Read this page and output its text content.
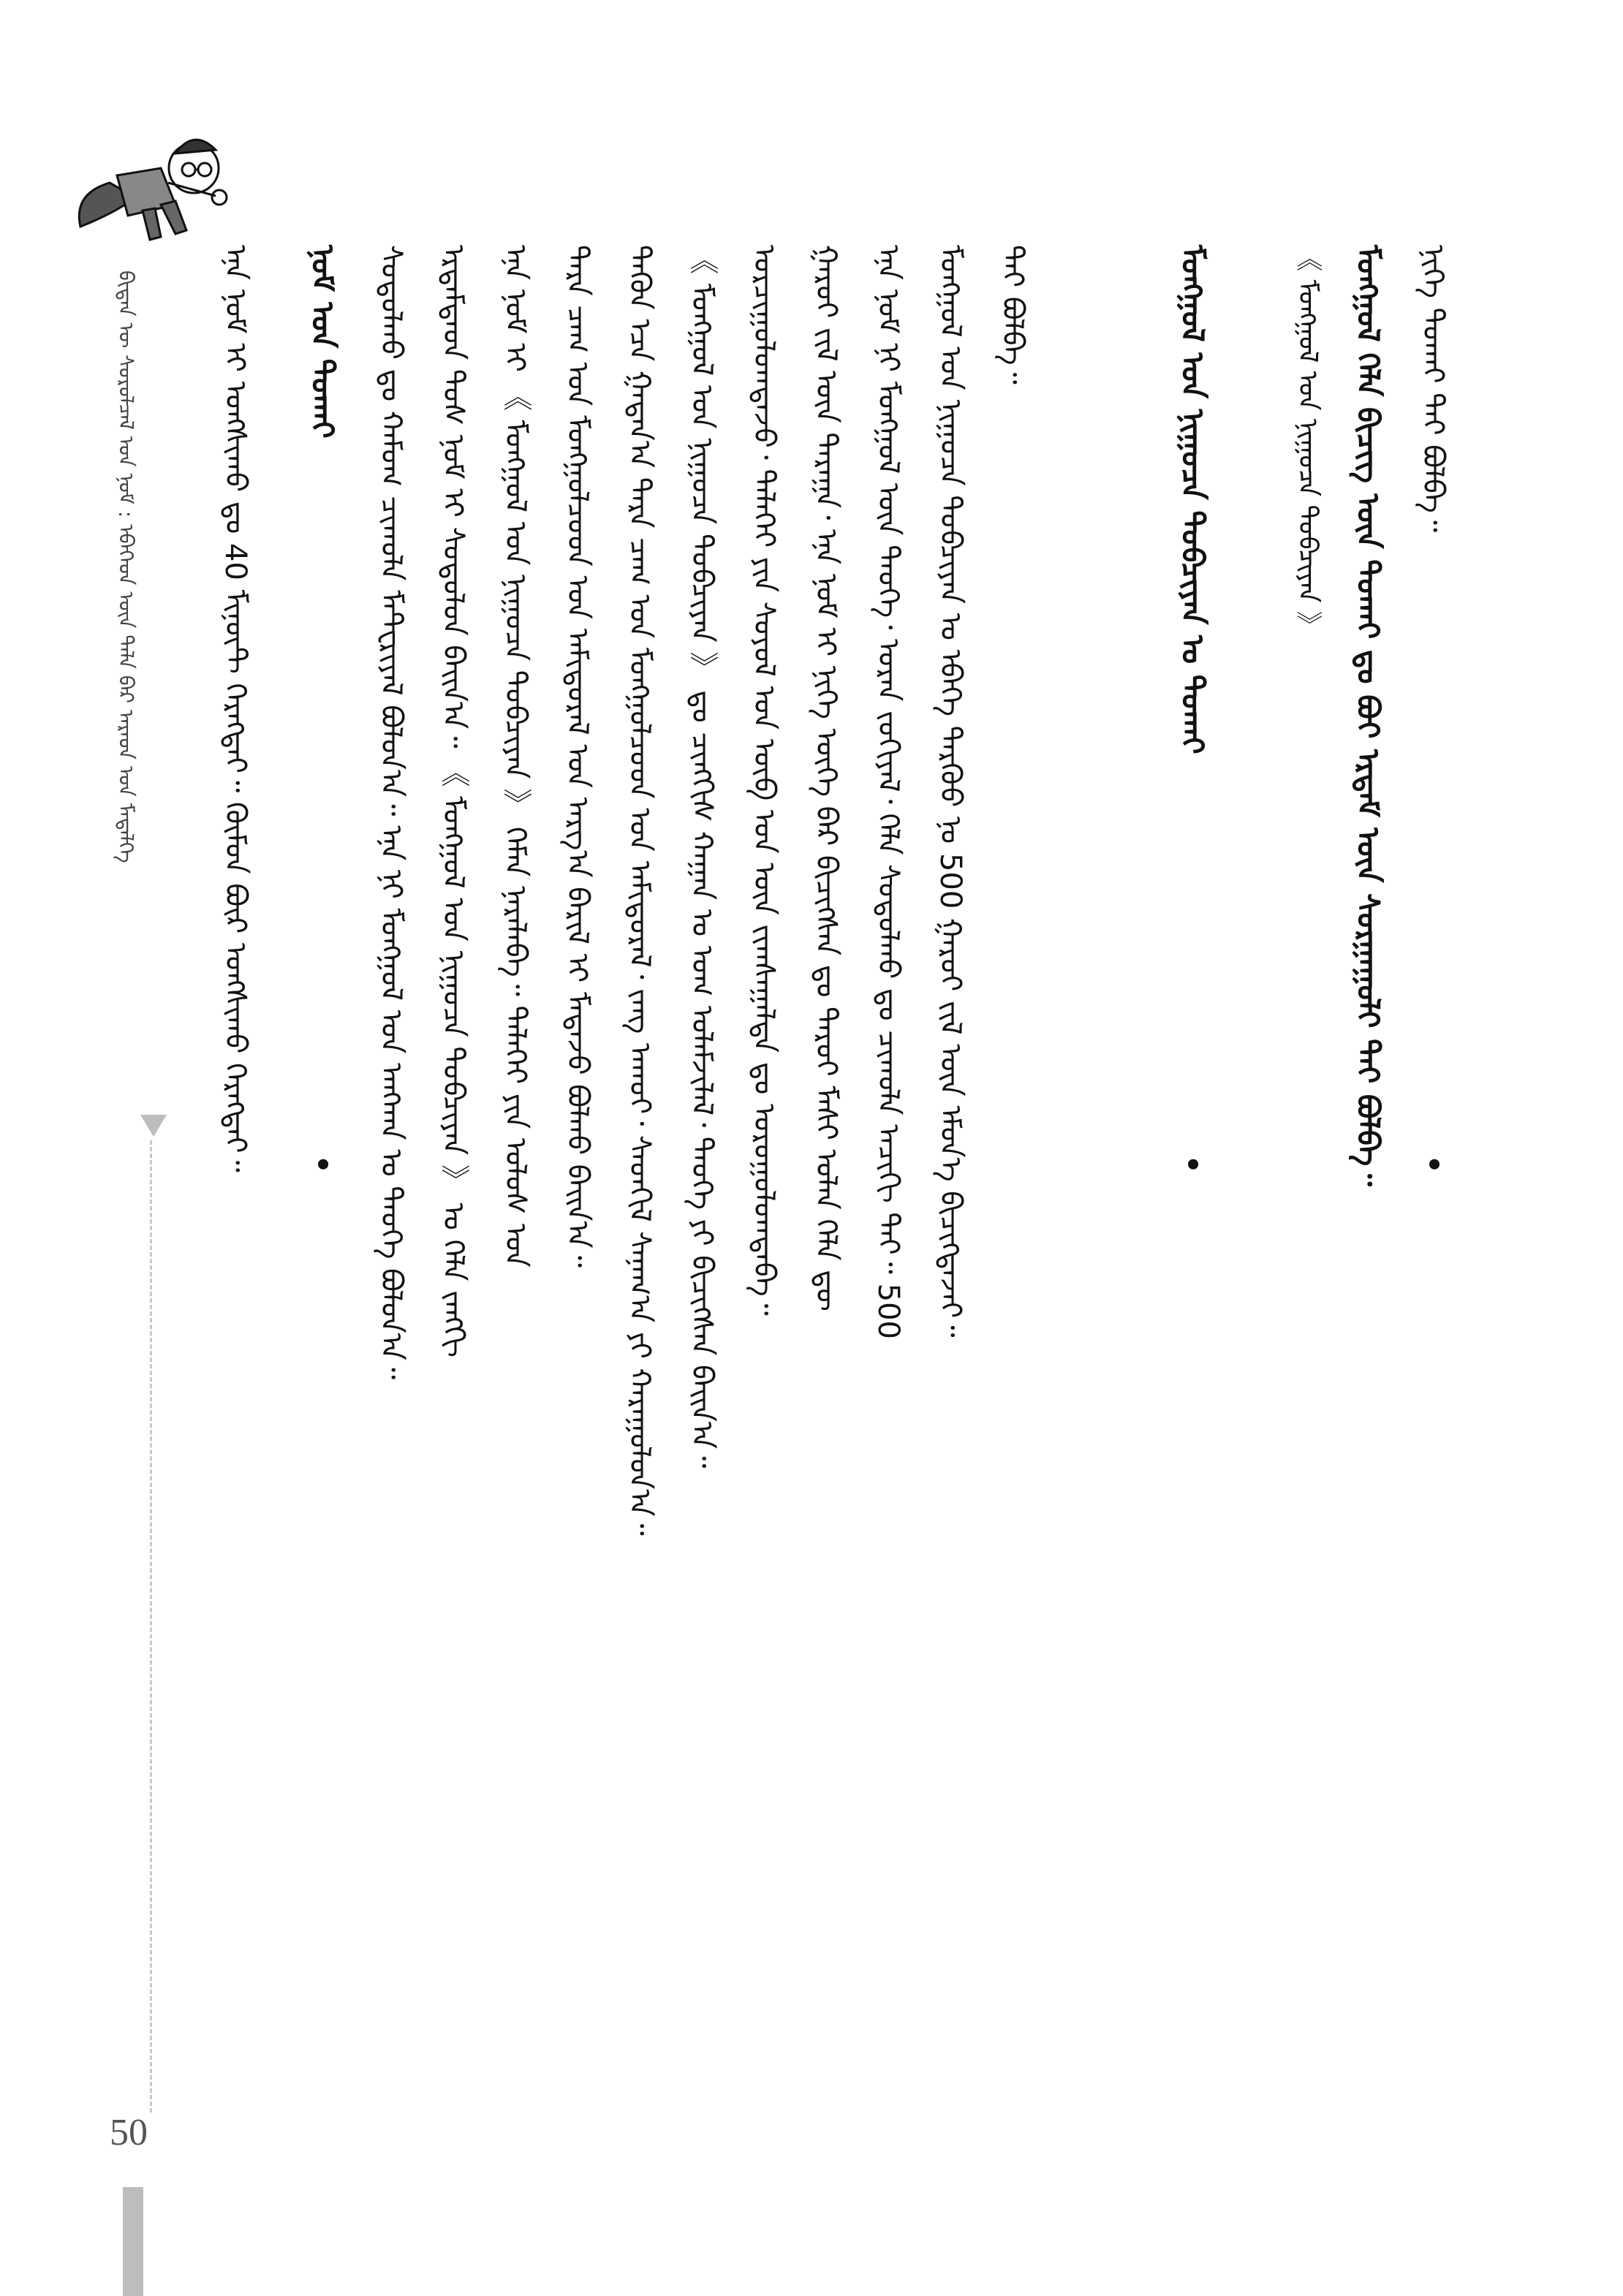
50
ᠪᠢᠳᠡᠨ ᠦ ᠰᠤᠷᠤᠯᠴᠠᠯ ᠤᠨ ᠨᠣᠮ : ᠡᠪᠡᠭᠡᠳ ᠦᠨ ᠲᠠᠯᠠ ᠪᠠᠷ ᠠᠷᠠᠳ ᠤᠨ ᠮᠡᠳᠡᠯᠭᠡ	ᠡᠨᠡ ᠨᠣᠮ ᠢ ᠤᠩᠰᠢᠬᠤ ᠳᠤ 40 ᠮᠢᠨᠦ᠋ᠲ ᠬᠡᠷᠡᠭᠲᠡᠢ᠃ ᠬᠦᠮᠦᠨ ᠪᠦᠷ ᠤᠩᠰᠢᠬᠤ ᠬᠡᠷᠡᠭᠲᠡᠢ᠃ •
ᠨᠣᠮ ᠤᠨ ᠲᠤᠬᠠᠢ ᠰᠤᠳᠤᠯᠬᠤ ᠳᠤ ᠬᠠᠮᠤᠭ ᠴᠢᠬᠤᠯᠠ ᠮᠠᠲᠧᠷᠢᠶᠠᠯ ᠪᠣᠯᠤᠨ᠎ᠠ᠃ ᠡᠨᠡ ᠨᠢ ᠮᠣᠩᠭᠣᠯ ᠤᠨ ᠠᠩᠬᠠᠨ ᠤ ᠲᠡᠦᠬᠡ ᠪᠣᠯᠤᠨ᠎ᠠ᠃ ᠡᠷᠳᠡᠮᠲᠡᠳ ᠲᠤᠰ ᠨᠣᠮ ᠢ ᠰᠤᠳᠤᠯᠤᠨ ᠪᠠᠢᠨ᠎ᠠ᠃ 《 ᠮᠣᠩᠭᠣᠯ ᠤᠨ ᠨᠢᠭᠤᠴᠠ ᠲᠣᠪᠴᠢᠶᠠᠨ 》 ᠤ ᠬᠡᠯᠡ ᠵᠠᠩᠭᠢ ᠡᠨᠡ ᠨᠣᠮ ᠢ 《 ᠮᠣᠩᠭᠣᠯ ᠤᠨ ᠨᠢᠭᠤᠴᠠ ᠲᠣᠪᠴᠢᠶᠠᠨ 》 ᠬᠡᠮᠡᠨ ᠨᠡᠷᠡᠯᠡᠪᠡ᠃ ᠳᠡᠯᠡᠬᠡᠢ ᠶᠢᠨ ᠤᠯᠤᠰ ᠤᠨ ᠲᠡᠷᠡ ᠴᠠᠭ ᠤᠨ ᠮᠣᠩᠭᠣᠯᠴᠤᠳ ᠤᠨ ᠠᠮᠢᠳᠤᠷᠠᠯ ᠤᠨ ᠠᠷᠭ᠎ᠠ ᠪᠠᠷᠢᠯ ᠢ ᠮᠡᠳᠡᠵᠦ ᠪᠣᠯᠬᠤ ᠪᠠᠢᠨ᠎ᠠ᠃ ᠲᠡᠭᠦᠨ ᠡᠴᠡ ᠭᠠᠳᠠᠨ᠎ᠠ ᠲᠡᠷᠡ ᠴᠠᠭ ᠤᠨ ᠮᠣᠩᠭᠣᠯᠴᠤᠳ ᠤᠨ ᠠᠮᠢᠳᠤᠷᠠᠯ᠂ ᠵᠠᠩ ᠠᠬᠤᠢ᠂ ᠰᠡᠳᠬᠢᠯ ᠰᠠᠨᠠᠭ᠎ᠠ ᠶᠢ ᠬᠠᠷᠠᠭᠤᠯᠤᠨ᠎ᠠ᠃ 《 ᠮᠣᠩᠭᠣᠯ ᠤᠨ ᠨᠢᠭᠤᠴᠠ ᠲᠣᠪᠴᠢᠶᠠᠨ 》 ᠳᠤ ᠴᠢᠩᠭᠢᠰ ᠬᠠᠭᠠᠨ ᠤ ᠤᠭ ᠤᠯᠠᠮᠵᠢᠯᠠᠯ᠂ ᠲᠡᠦᠬᠡ ᠶᠢ ᠪᠢᠴᠢᠭᠰᠡᠨ ᠪᠠᠢᠨ᠎ᠠ᠃ ᠣᠷᠴᠢᠭᠤᠯᠤᠭᠳᠠᠵᠤ᠂ ᠳᠡᠯᠡᠬᠡᠢ ᠶᠢᠨ ᠰᠣᠶᠣᠯ ᠤᠨ ᠥᠪ ᠡᠳ ᠦᠨ ᠵᠢᠭᠰᠠᠭᠠᠯᠲᠠ ᠳᠤ ᠣᠷᠤᠭᠤᠯᠤᠭᠳᠠᠪᠠ᠃ ᠭᠠᠷᠤᠢ ᠵᠢᠯ ᠦᠨ ᠳᠠᠷᠠᠭᠠ᠂ ᠡᠨᠡ ᠨᠣᠮ ᠢ ᠨᠢᠭᠡ ᠦᠭᠡ ᠪᠠᠷ ᠪᠢᠴᠢᠭᠰᠡᠨ ᠳᠤ ᠳᠠᠷᠤᠢ ᠮᠠᠰᠢ ᠣᠯᠠᠨ ᠬᠡᠯᠡ ᠳᠦ ᠡᠨᠡ ᠨᠣᠮ ᠨᠢ ᠮᠣᠩᠭᠣᠯ ᠦᠨ ᠲᠡᠦᠬᠡ᠂ ᠤᠷᠠᠨ ᠵᠣᠬᠢᠶᠠᠯ᠂ ᠬᠡᠯᠡ ᠰᠤᠳᠤᠯᠬᠤ ᠳᠤ ᠴᠢᠬᠤᠯᠠ ᠠᠴᠢᠬᠢ ᠲᠠᠢ᠃ 500 ᠮᠣᠩᠭᠣᠯ ᠤᠨ ᠨᠢᠭᠤᠴᠠ ᠲᠣᠪᠴᠢᠶᠠᠨ ᠤ ᠡᠪᠡᠭᠡ ᠲᠡᠷᠭᠦᠦ ᠨᠤ 500 ᠭᠠᠷᠤᠢ ᠵᠢᠯ ᠦᠨ ᠡᠮᠦᠨ᠎ᠡ ᠪᠢᠴᠢᠭᠳᠡᠵᠡᠢ᠃ ᠲᠠᠢ ᠪᠣᠯᠪᠠ᠃
•
ᠮᠣᠩᠭᠣᠯ ᠤᠨ ᠨᠢᠭᠤᠴᠠ ᠲᠣᠪᠴᠢᠶᠠᠨ ᠤ ᠲᠤᠬᠠᠢ	《 ᠮᠣᠩᠭᠣᠯ ᠤᠨ ᠨᠢᠭᠤᠴᠠ ᠲᠣᠪᠴᠢᠶᠠᠨ 》 ᠮᠣᠩᠭᠣᠯ ᠬᠡᠯᠡ ᠪᠢᠴᠢᠭ ᠦᠨ ᠲᠤᠬᠠᠢ ᠳᠤ ᠪᠤᠶ ᠡᠷᠳᠡᠮ ᠦᠨ ᠰᠤᠷᠭᠠᠭᠤᠯᠢ ᠲᠠᠢ ᠪᠣᠯᠪᠠ᠃ ᠨᠢᠭᠡ ᠲᠤᠬᠠᠢ ᠲᠠᠢ ᠪᠣᠯᠪᠠ᠃
•
